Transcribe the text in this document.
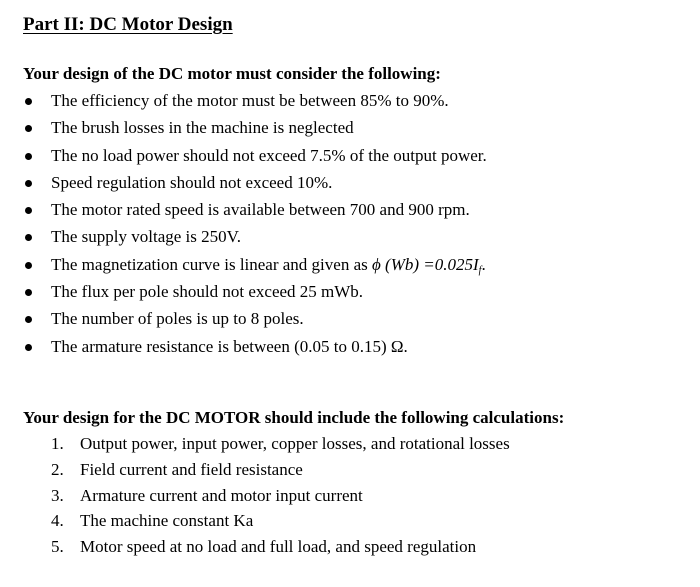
Part II: DC Motor Design
Your design of the DC motor must consider the following:
The efficiency of the motor must be between 85% to 90%.
The brush losses in the machine is neglected
The no load power should not exceed 7.5% of the output power.
Speed regulation should not exceed 10%.
The motor rated speed is available between 700 and 900 rpm.
The supply voltage is 250V.
The magnetization curve is linear and given as ϕ $(Wb) =0.025I_f$.
The flux per pole should not exceed 25 mWb.
The number of poles is up to 8 poles.
The armature resistance is between (0.05 to 0.15) Ω.
Your design for the DC MOTOR should include the following calculations:
1. Output power, input power, copper losses, and rotational losses
2. Field current and field resistance
3. Armature current and motor input current
4. The machine constant Ka
5. Motor speed at no load and full load, and speed regulation
